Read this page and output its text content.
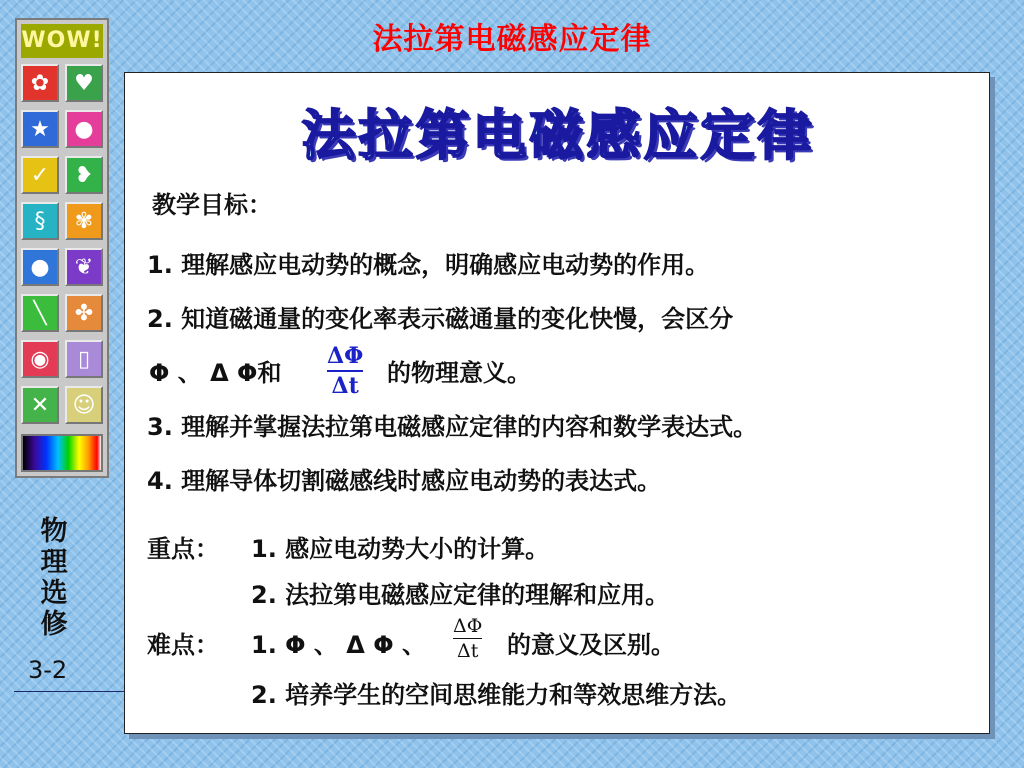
法拉第电磁感应定律
WOW!
✿	♥
★	●
✓	❥
§	✾
●	❦
╲	✤
◉	▯
✕	☺
物
理
选
修
3-2
法拉第电磁感应定律
教学目标：
1. 理解感应电动势的概念，明确感应电动势的作用。
2. 知道磁通量的变化率表示磁通量的变化快慢，会区分
Φ 、 Δ Φ和
ΔΦ
Δt 的物理意义。
3. 理解并掌握法拉第电磁感应定律的内容和数学表达式。
4. 理解导体切割磁感线时感应电动势的表达式。
重点： 1. 感应电动势大小的计算。
2. 法拉第电磁感应定律的理解和应用。
难点： 1. Φ 、 Δ Φ 、
ΔΦ
Δt 的意义及区别。
2. 培养学生的空间思维能力和等效思维方法。
